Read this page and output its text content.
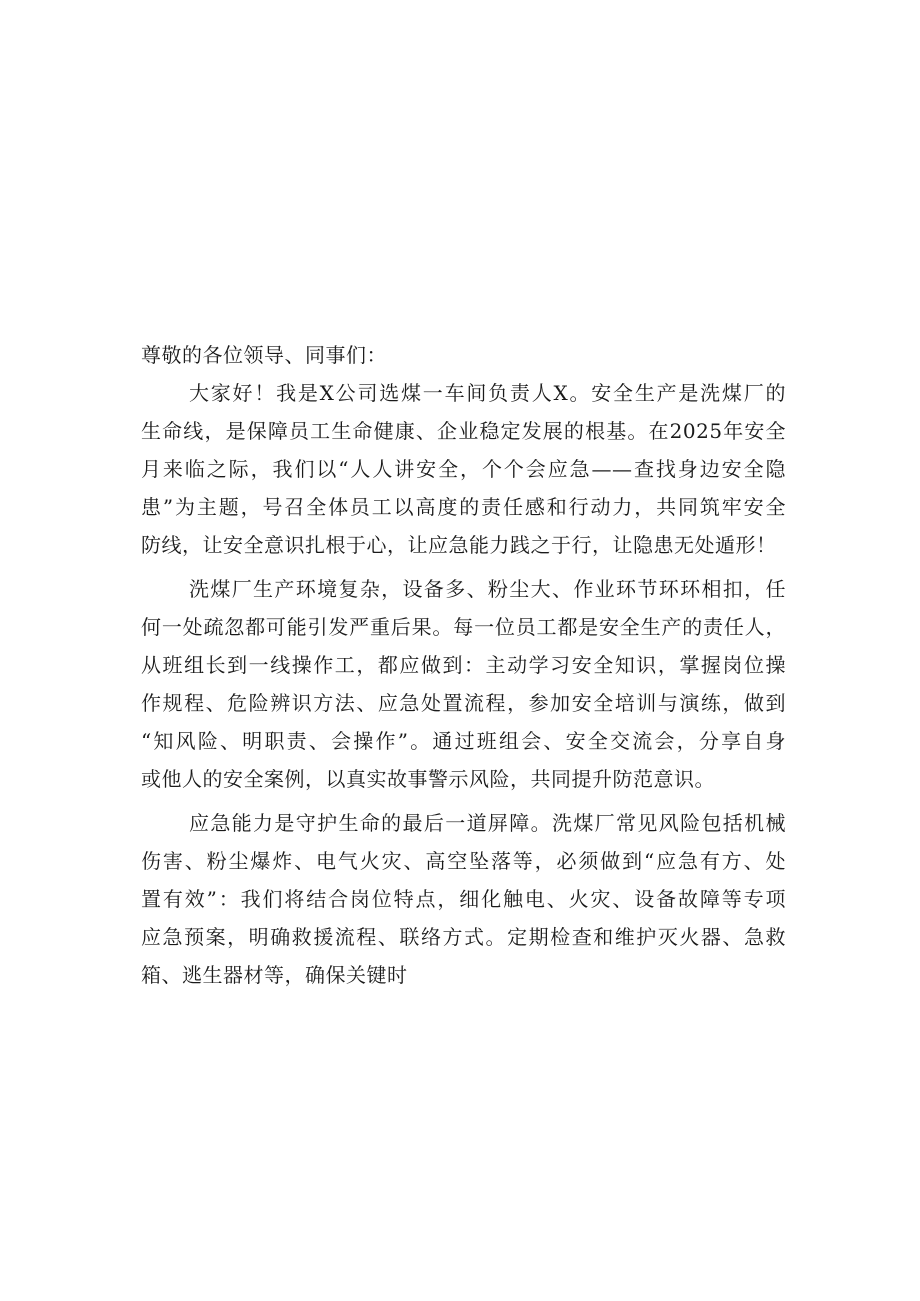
尊敬的各位领导、同事们：
大家好！我是X公司选煤一车间负责人X。安全生产是洗煤厂的
生命线，是保障员工生命健康、企业稳定发展的根基。在2025年安全
月来临之际，我们以“人人讲安全，个个会应急——查找身边安全隐
患”为主题，号召全体员工以高度的责任感和行动力，共同筑牢安全
防线，让安全意识扎根于心，让应急能力践之于行，让隐患无处遁形！
洗煤厂生产环境复杂，设备多、粉尘大、作业环节环环相扣，任
何一处疏忽都可能引发严重后果。每一位员工都是安全生产的责任人，
从班组长到一线操作工，都应做到：主动学习安全知识，掌握岗位操
作规程、危险辨识方法、应急处置流程，参加安全培训与演练，做到
“知风险、明职责、会操作”。通过班组会、安全交流会，分享自身
或他人的安全案例，以真实故事警示风险，共同提升防范意识。
应急能力是守护生命的最后一道屏障。洗煤厂常见风险包括机械
伤害、粉尘爆炸、电气火灾、高空坠落等，必须做到“应急有方、处
置有效”：我们将结合岗位特点，细化触电、火灾、设备故障等专项
应急预案，明确救援流程、联络方式。定期检查和维护灭火器、急救
箱、逃生器材等，确保关键时
